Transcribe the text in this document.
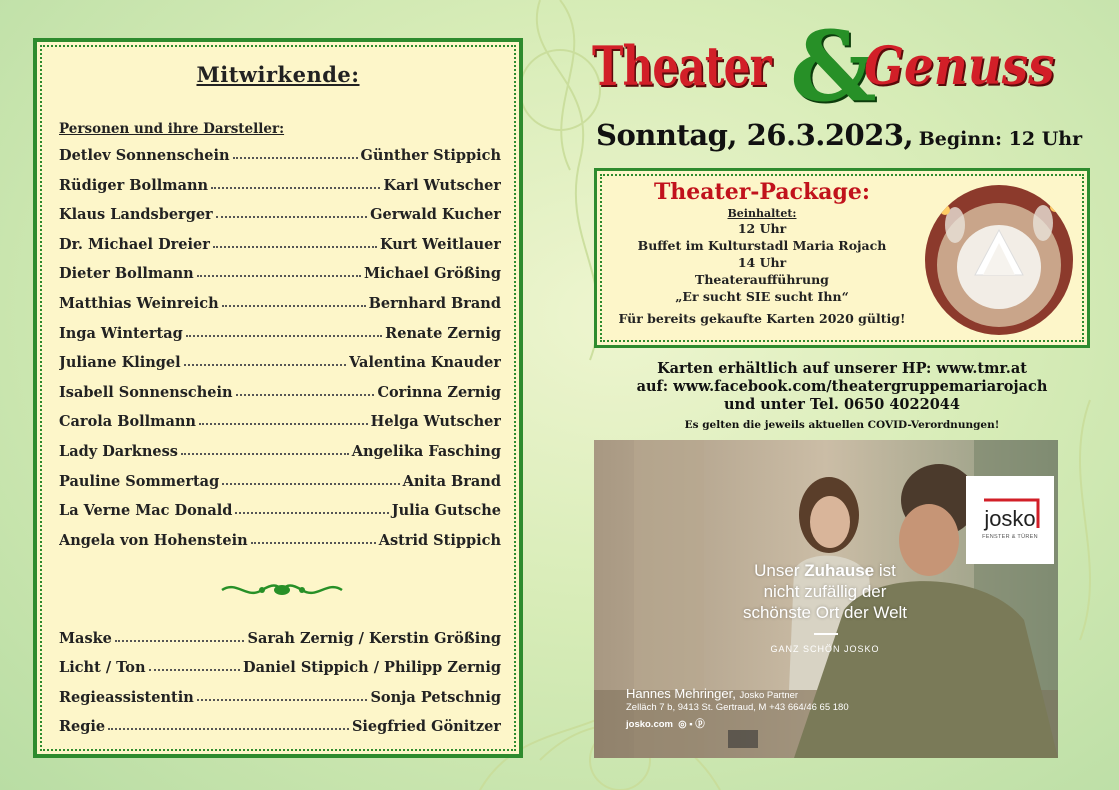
Mitwirkende:
Personen und ihre Darsteller:
Detlev Sonnenschein	Günther Stippich
Rüdiger Bollmann	Karl Wutscher
Klaus Landsberger	Gerwald Kucher
Dr. Michael Dreier	Kurt Weitlauer
Dieter Bollmann	Michael Größing
Matthias Weinreich	Bernhard Brand
Inga Wintertag	Renate Zernig
Juliane Klingel	Valentina Knauder
Isabell Sonnenschein	Corinna Zernig
Carola Bollmann	Helga Wutscher
Lady Darkness	Angelika Fasching
Pauline Sommertag	Anita Brand
La Verne Mac Donald	Julia Gutsche
Angela von Hohenstein	Astrid Stippich
Maske	Sarah Zernig / Kerstin Größing
Licht / Ton	Daniel Stippich / Philipp Zernig
Regieassistentin	Sonja Petschnig
Regie	Siegfried Gönitzer
Theater &
Genuss
Sonntag, 26.3.2023, Beginn: 12 Uhr
Theater-Package:
Beinhaltet:
12 Uhr
Buffet im Kulturstadl Maria Rojach
14 Uhr
Theateraufführung
„Er sucht SIE sucht Ihn“
Für bereits gekaufte Karten 2020 gültig!
Karten erhältlich auf unserer HP: www.tmr.at
auf: www.facebook.com/theatergruppemariarojach
und unter Tel. 0650 4022044
Es gelten die jeweils aktuellen COVID-Verordnungen!
josko
FENSTER & TÜREN
Unser Zuhause ist
nicht zufällig der
schönste Ort der Welt
GANZ SCHÖN JOSKO
Hannes Mehringer, Josko Partner
Zelläch 7 b, 9413 St. Gertraud, M +43 664/46 65 180
josko.com ◎ ▪ ⓟ
